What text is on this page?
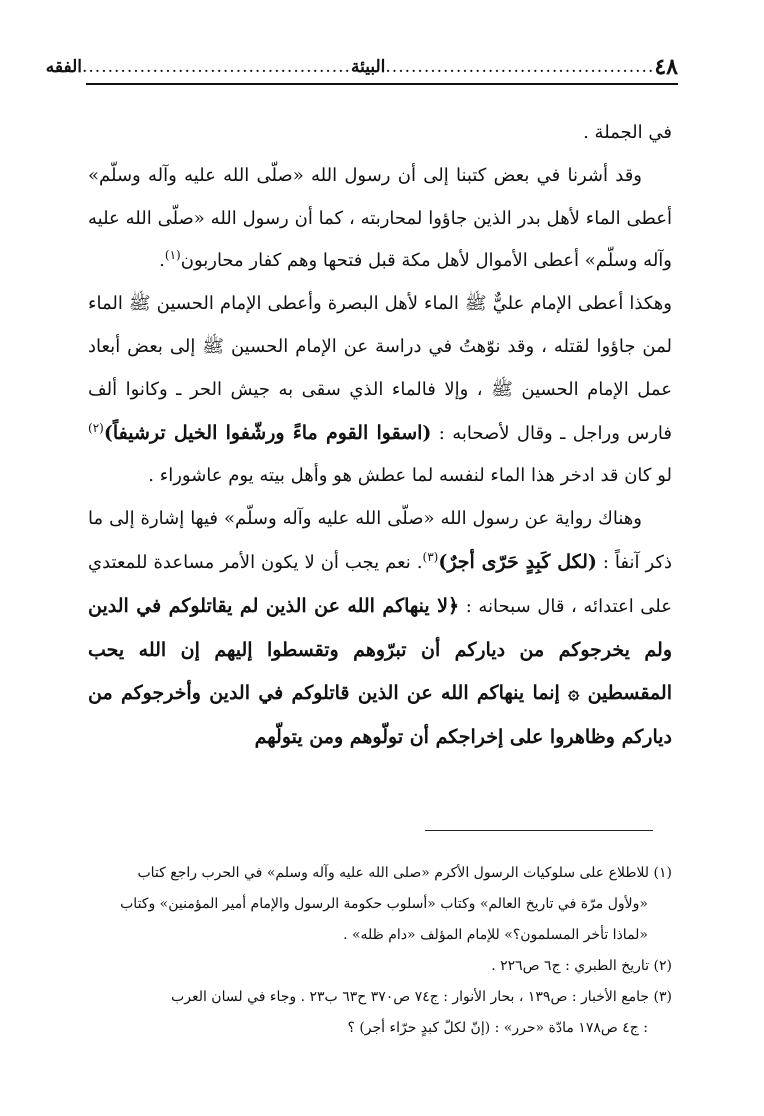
٤٨
..........................................
البيئة
..........................................
الفقه

في الجملة .

وقد أشرنا في بعض كتبنا إلى أن رسول الله «صلّى الله عليه وآله وسلّم» أعطى الماء لأهل بدر الذين جاؤوا لمحاربته ، كما أن رسول الله «صلّى الله عليه وآله وسلّم» أعطى الأموال لأهل مكة قبل فتحها وهم كفار محاربون$^{(١)}$.

وهكذا أعطى الإمام عليٌّ ﷺ الماء لأهل البصرة وأعطى الإمام الحسين ﷺ الماء لمن جاؤوا لقتله ، وقد نوّهتُ في دراسة عن الإمام الحسين ﷺ إلى بعض أبعاد عمل الإمام الحسين ﷺ ، وإلا فالماء الذي سقى به جيش الحر ـ وكانوا ألف فارس وراجل ـ وقال لأصحابه : (اسقوا القوم ماءً ورشّفوا الخيل ترشيفاً)$^{(٢)}$ لو كان قد ادخر هذا الماء لنفسه لما عطش هو وأهل بيته يوم عاشوراء .

وهناك رواية عن رسول الله «صلّى الله عليه وآله وسلّم» فيها إشارة إلى ما ذكر آنفاً : (لكل كَبِدٍ حَرّى أجرٌ)$^{(٣)}$. نعم يجب أن لا يكون الأمر مساعدة للمعتدي على اعتدائه ، قال سبحانه : ﴿لا ينهاكم الله عن الذين لم يقاتلوكم في الدين ولم يخرجوكم من دياركم أن تبرّوهم وتقسطوا إليهم إن الله يحب المقسطين ۞ إنما ينهاكم الله عن الذين قاتلوكم في الدين وأخرجوكم من دياركم وظاهروا على إخراجكم أن تولّوهم ومن يتولّهم

(١) للاطلاع على سلوكيات الرسول الأكرم «صلى الله عليه وآله وسلم» في الحرب راجع كتاب

«ولأول مرّة في تاريخ العالم» وكتاب «أسلوب حكومة الرسول والإمام أمير المؤمنين» وكتاب

«لماذا تأخر المسلمون؟» للإمام المؤلف «دام ظله» .

(٢) تاريخ الطبري : ج٦ ص٢٢٦ .

(٣) جامع الأخبار : ص١٣٩ ، بحار الأنوار : ج٧٤ ص٣٧٠ ح٦٣ ب٢٣ . وجاء في لسان العرب

: ج٤ ص١٧٨ مادّة «حرر» : (إنّ لكلّ كبدٍ حرّاء أجر) ؟
